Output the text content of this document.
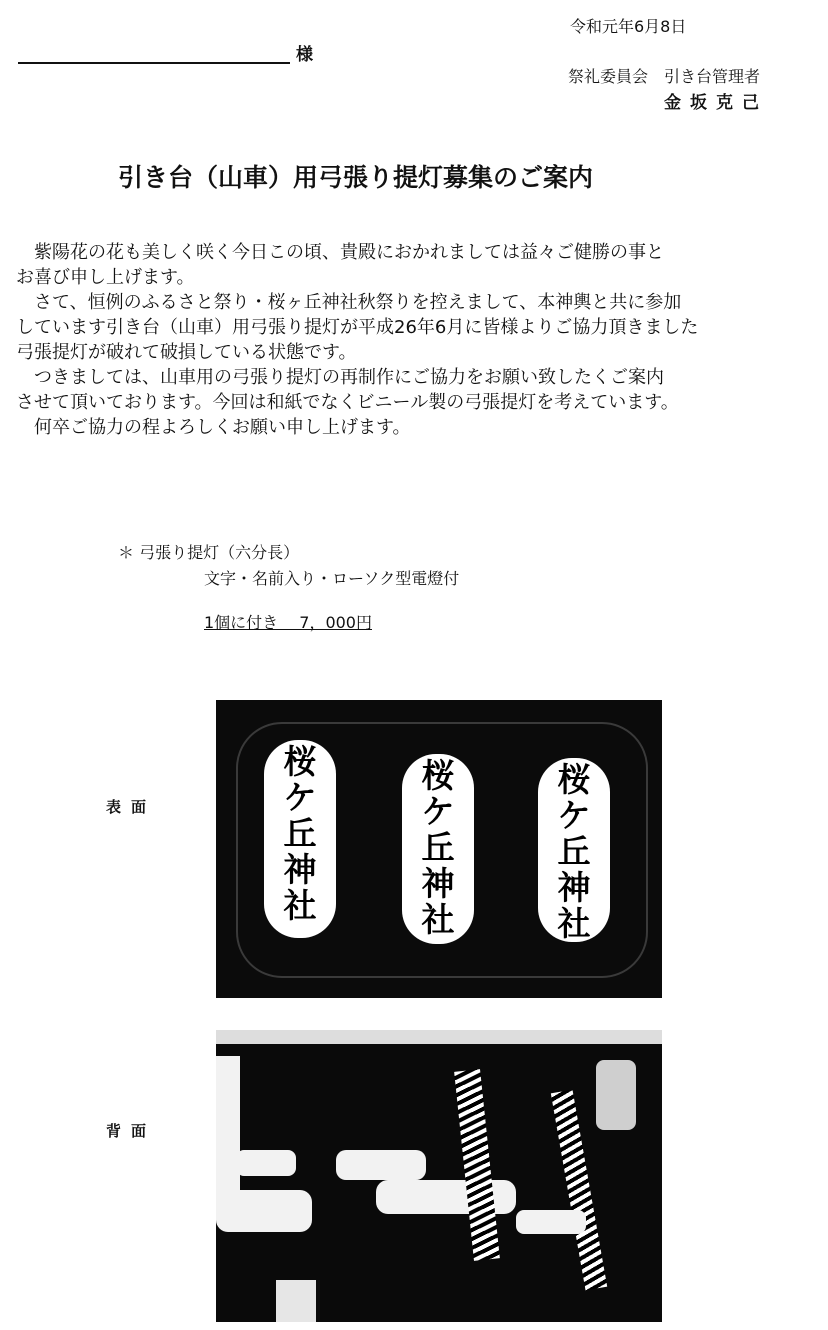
様
令和元年6月8日
祭礼委員会　引き台管理者
金坂克己
引き台（山車）用弓張り提灯募集のご案内
　紫陽花の花も美しく咲く今日この頃、貴殿におかれましては益々ご健勝の事と
お喜び申し上げます。
　さて、恒例のふるさと祭り・桜ヶ丘神社秋祭りを控えまして、本神輿と共に参加
しています引き台（山車）用弓張り提灯が平成26年6月に皆様よりご協力頂きました
弓張提灯が破れて破損している状態です。
　つきましては、山車用の弓張り提灯の再制作にご協力をお願い致したくご案内
させて頂いております。今回は和紙でなくビニール製の弓張提灯を考えています。
　何卒ご協力の程よろしくお願い申し上げます。
＊ 弓張り提灯（六分長）
文字・名前入り・ローソク型電燈付
1個に付き　 7，000円
表面
背面
桜
ケ
丘
神
社
桜
ケ
丘
神
社
桜
ケ
丘
神
社
